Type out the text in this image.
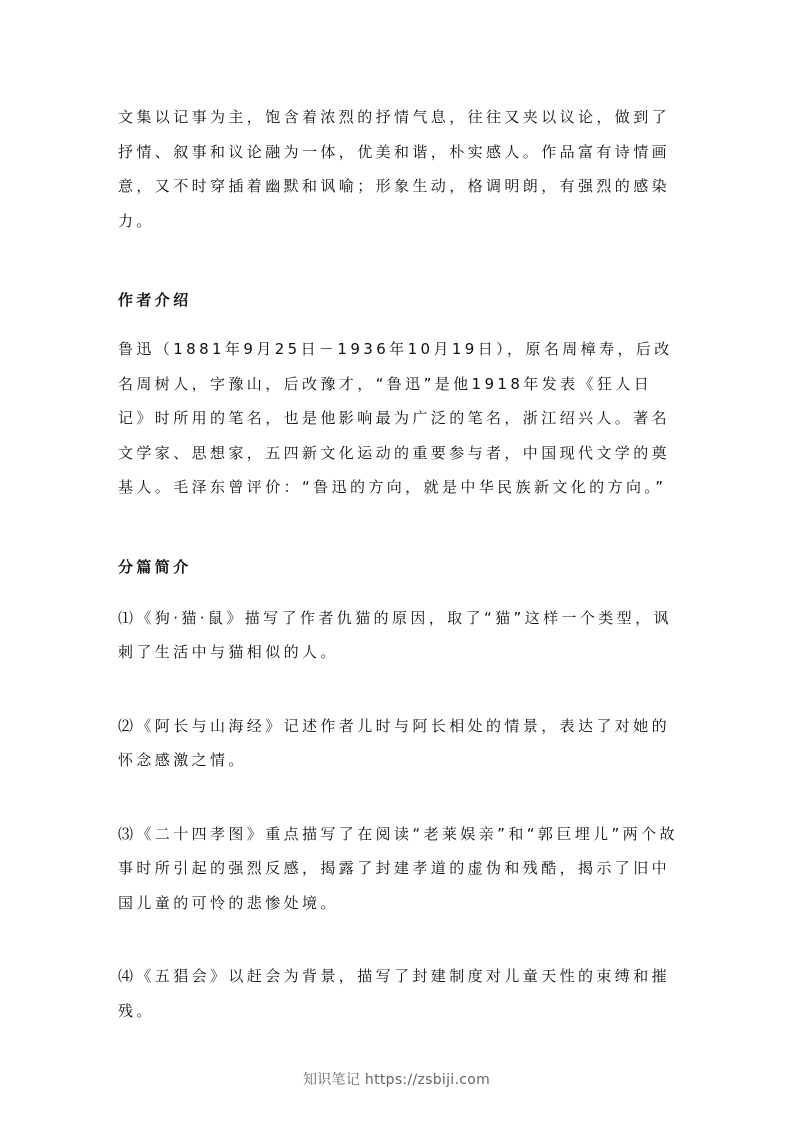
文集以记事为主，饱含着浓烈的抒情气息，往往又夹以议论，做到了抒情、叙事和议论融为一体，优美和谐，朴实感人。作品富有诗情画意，又不时穿插着幽默和讽喻；形象生动，格调明朗，有强烈的感染力。

作者介绍

鲁迅（1881年9月25日－1936年10月19日），原名周樟寿，后改名周树人，字豫山，后改豫才，“鲁迅”是他1918年发表《狂人日记》时所用的笔名，也是他影响最为广泛的笔名，浙江绍兴人。著名文学家、思想家，五四新文化运动的重要参与者，中国现代文学的奠基人。毛泽东曾评价：“鲁迅的方向，就是中华民族新文化的方向。”

分篇简介

⑴《狗·猫·鼠》描写了作者仇猫的原因，取了“猫”这样一个类型，讽刺了生活中与猫相似的人。

⑵《阿长与山海经》记述作者儿时与阿长相处的情景，表达了对她的怀念感激之情。

⑶《二十四孝图》重点描写了在阅读“老莱娱亲”和“郭巨埋儿”两个故事时所引起的强烈反感，揭露了封建孝道的虚伪和残酷，揭示了旧中国儿童的可怜的悲惨处境。

⑷《五猖会》以赶会为背景，描写了封建制度对儿童天性的束缚和摧残。

知识笔记 https://zsbiji.com
